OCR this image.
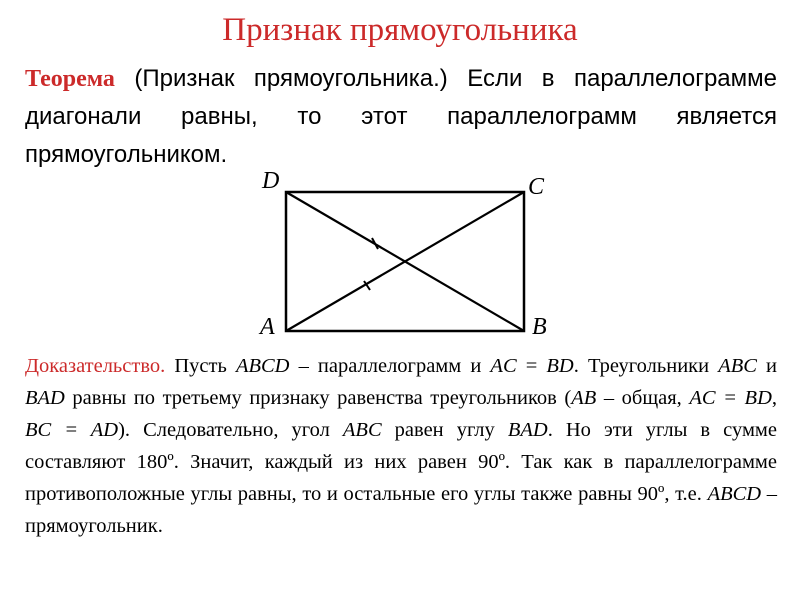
Признак прямоугольника

Теорема (Признак прямоугольника.) Если в параллелограмме диагонали равны, то этот параллелограмм является прямоугольником.

D	C
A	B

Доказательство. Пусть ABCD – параллелограмм и AC = BD. Треугольники ABC и BAD равны по третьему признаку равенства треугольников (AB – общая, AC = BD, BC = AD). Следовательно, угол ABC равен углу BAD. Но эти углы в сумме составляют 180º. Значит, каждый из них равен 90º. Так как в параллелограмме противоположные углы равны, то и остальные его углы также равны 90º, т.е. ABCD – прямоугольник.
